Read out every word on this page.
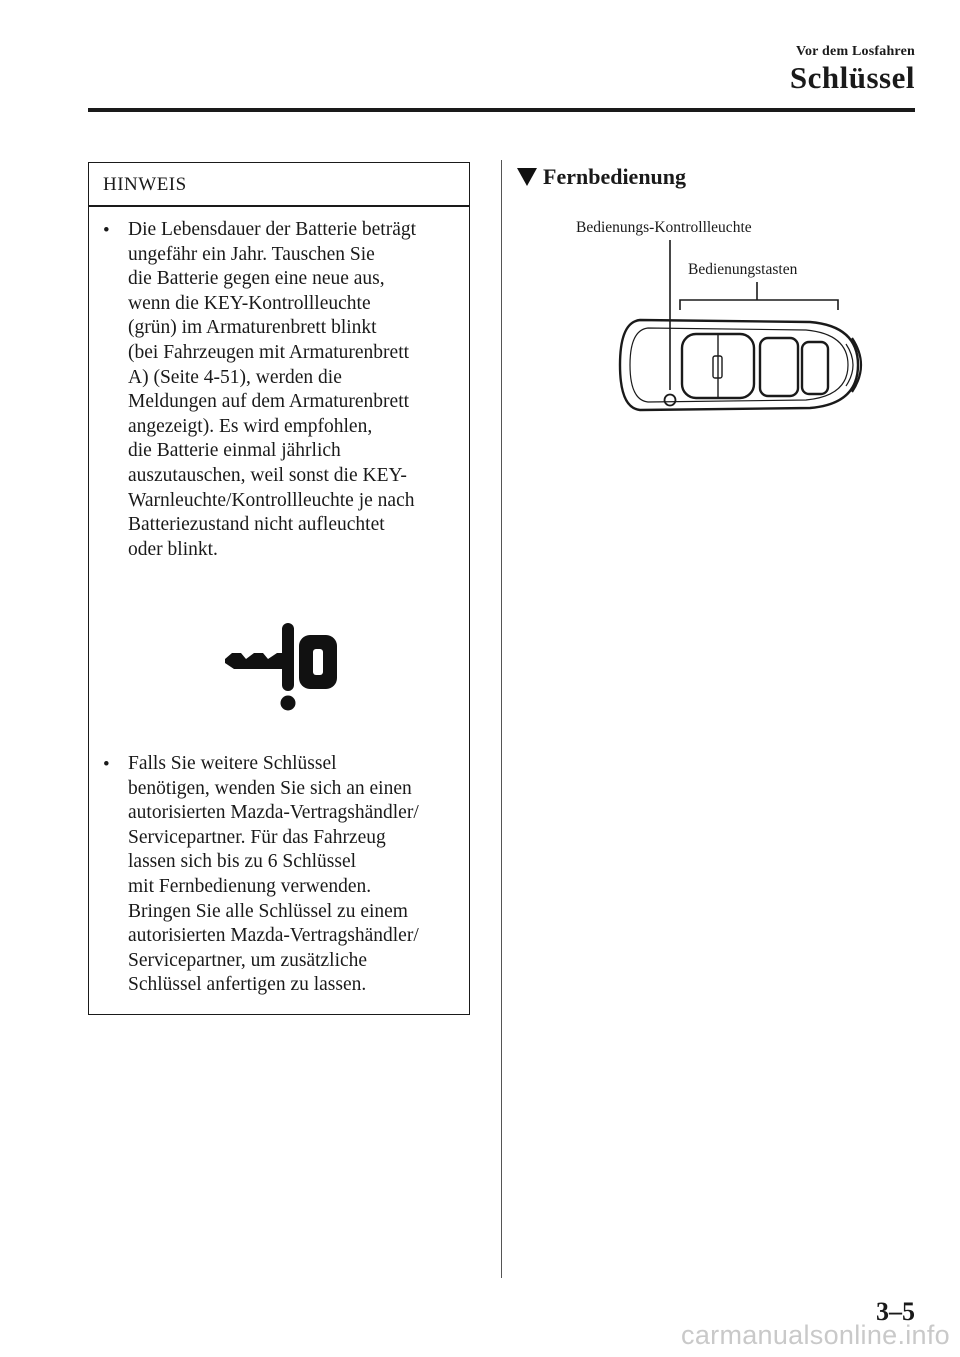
Vor dem Losfahren
Schlüssel
HINWEIS
• Die Lebensdauer der Batterie beträgt
ungefähr ein Jahr. Tauschen Sie
die Batterie gegen eine neue aus,
wenn die KEY-Kontrollleuchte
(grün) im Armaturenbrett blinkt
(bei Fahrzeugen mit Armaturenbrett
A) (Seite 4-51), werden die
Meldungen auf dem Armaturenbrett
angezeigt). Es wird empfohlen,
die Batterie einmal jährlich
auszutauschen, weil sonst die KEY-
Warnleuchte/Kontrollleuchte je nach
Batteriezustand nicht aufleuchtet
oder blinkt.
• Falls Sie weitere Schlüssel
benötigen, wenden Sie sich an einen
autorisierten Mazda-Vertragshändler/
Servicepartner. Für das Fahrzeug
lassen sich bis zu 6 Schlüssel
mit Fernbedienung verwenden.
Bringen Sie alle Schlüssel zu einem
autorisierten Mazda-Vertragshändler/
Servicepartner, um zusätzliche
Schlüssel anfertigen zu lassen.
Fernbedienung
Bedienungs-Kontrollleuchte
Bedienungstasten
3–5
carmanualsonline.info
